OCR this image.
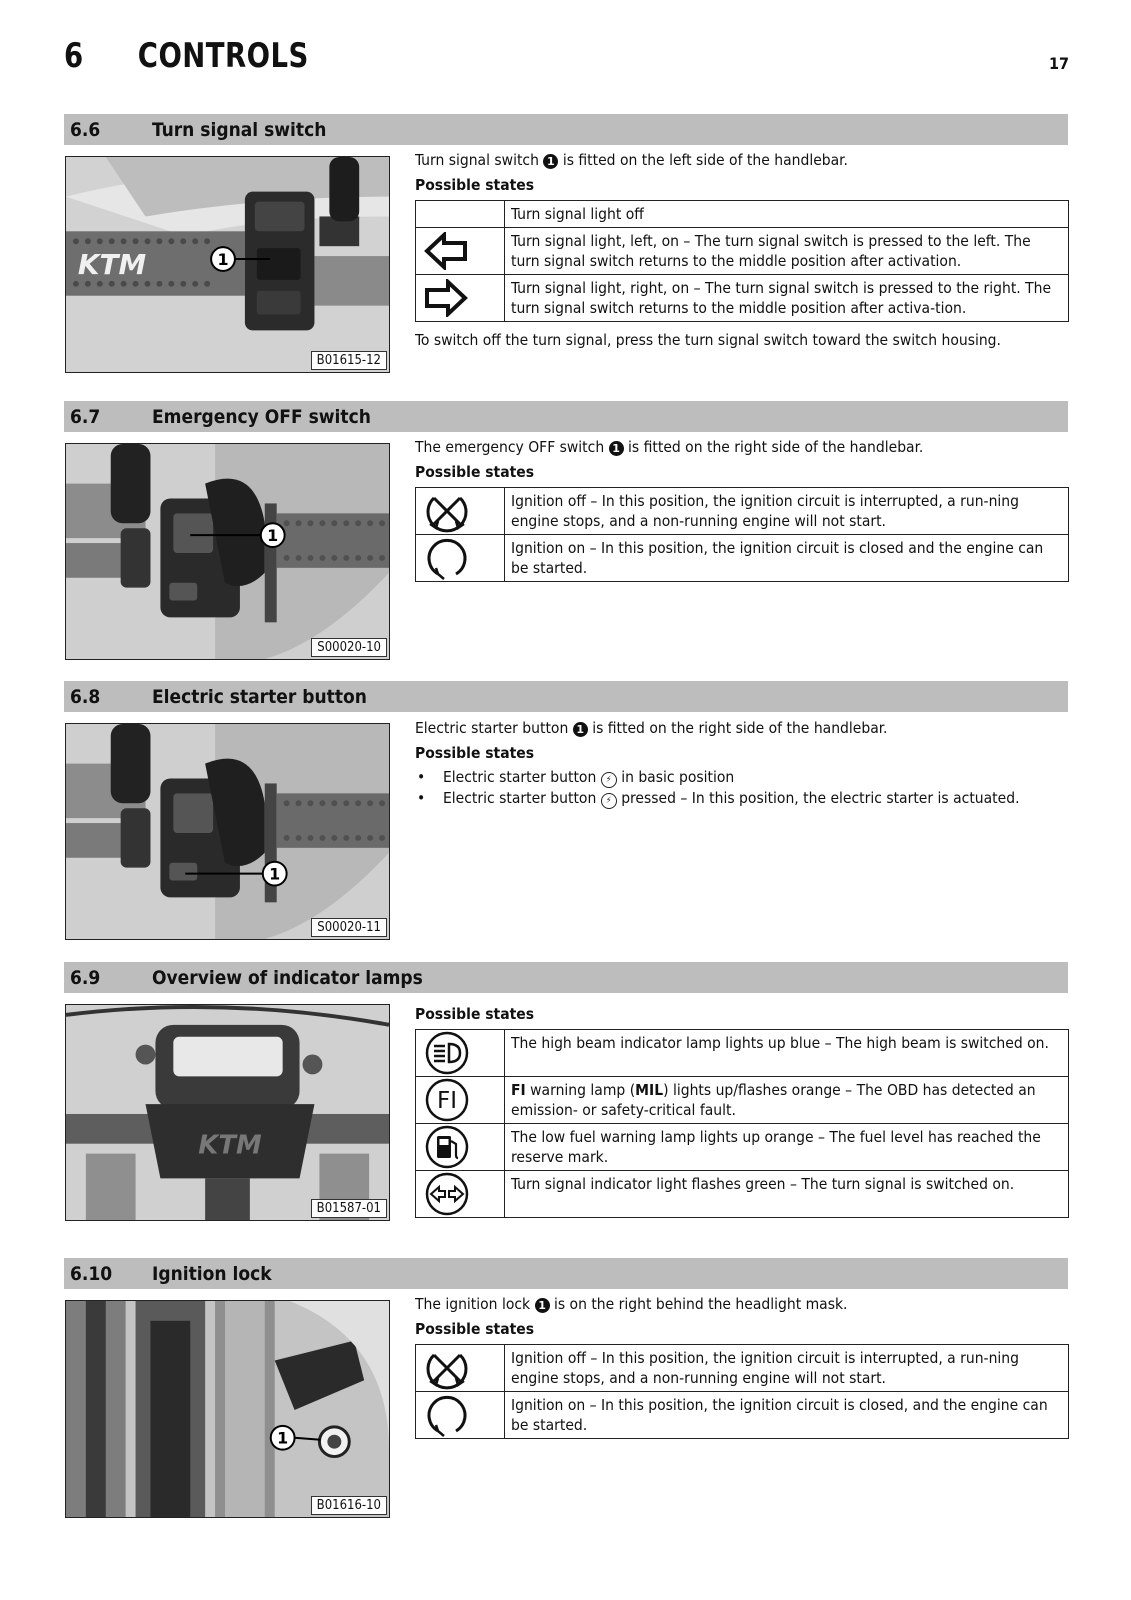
6 CONTROLS	17
6.6	Turn signal switch
KTM	1
B01615-12

Turn signal switch 1 is fitted on the left side of the handlebar.

Possible states

	Turn signal light off

	Turn signal light, left, on – The turn signal switch is pressed to the left. The turn signal switch returns to the middle position after activation.

	Turn signal light, right, on – The turn signal switch is pressed to the right. The turn signal switch returns to the middle position after activa-tion.

To switch off the turn signal, press the turn signal switch toward the switch housing.

6.7	Emergency OFF switch
1
S00020-10

The emergency OFF switch 1 is fitted on the right side of the handlebar.

Possible states

	Ignition off – In this position, the ignition circuit is interrupted, a run-ning engine stops, and a non-running engine will not start.

	Ignition on – In this position, the ignition circuit is closed and the engine can be started.
6.8	Electric starter button
1
S00020-11

Electric starter button 1 is fitted on the right side of the handlebar.

Possible states

• Electric starter button ⚡ in basic position
• Electric starter button ⚡ pressed – In this position, the electric starter is actuated.
6.9	Overview of indicator lamps
KTM
B01587-01

Possible states

	The high beam indicator lamp lights up blue – The high beam is switched on.

FI	FI warning lamp (MIL) lights up/flashes orange – The OBD has detected an emission- or safety-critical fault.

	The low fuel warning lamp lights up orange – The fuel level has reached the reserve mark.

	Turn signal indicator light flashes green – The turn signal is switched on.
6.10 Ignition lock
1
B01616-10

The ignition lock 1 is on the right behind the headlight mask.

Possible states

	Ignition off – In this position, the ignition circuit is interrupted, a run-ning engine stops, and a non-running engine will not start.

	Ignition on – In this position, the ignition circuit is closed, and the engine can be started.
